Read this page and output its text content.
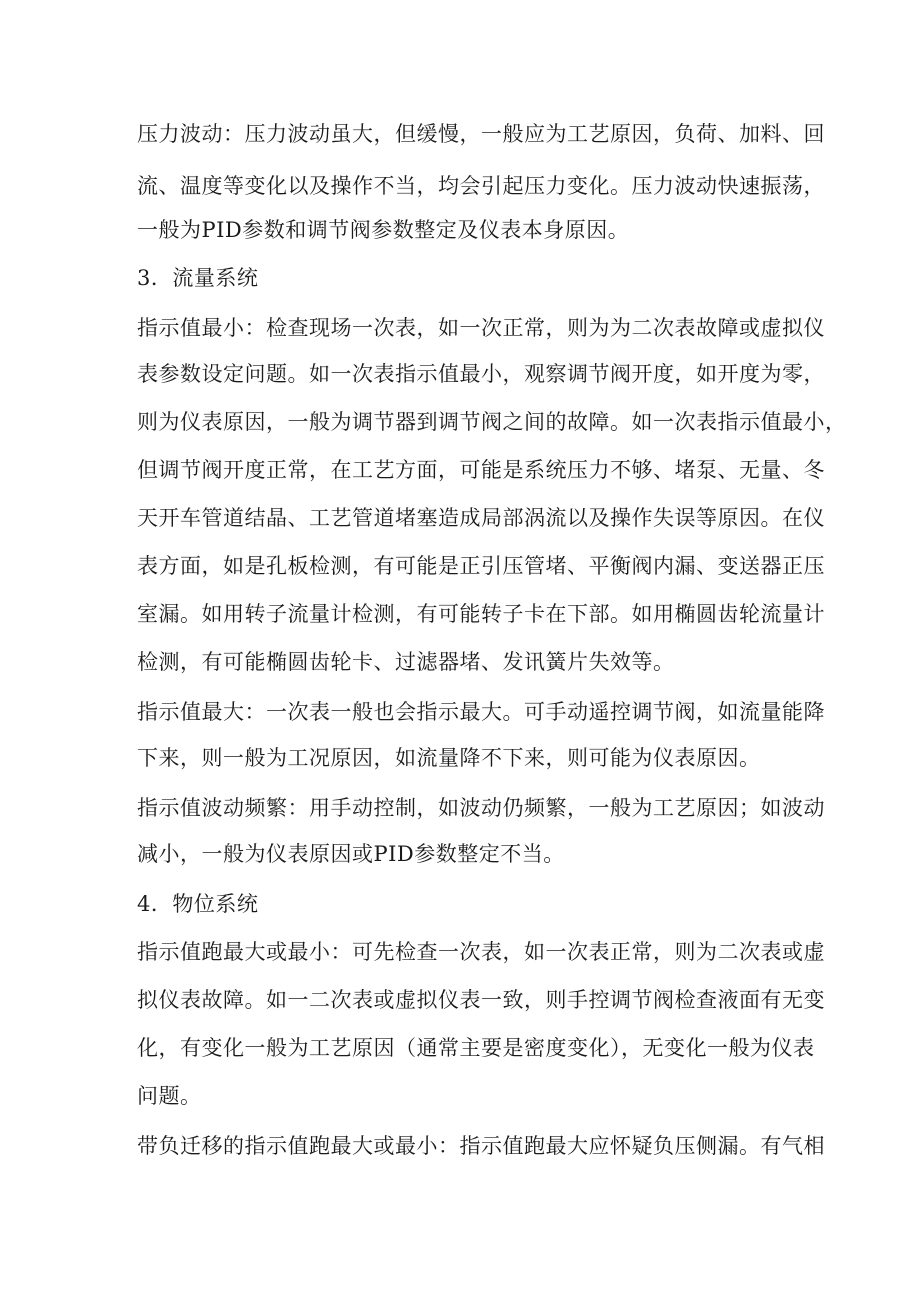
压力波动：压力波动虽大，但缓慢，一般应为工艺原因，负荷、加料、回
流、温度等变化以及操作不当，均会引起压力变化。压力波动快速振荡，
一般为PID参数和调节阀参数整定及仪表本身原因。
3．流量系统
指示值最小：检查现场一次表，如一次正常，则为为二次表故障或虚拟仪
表参数设定问题。如一次表指示值最小，观察调节阀开度，如开度为零，
则为仪表原因，一般为调节器到调节阀之间的故障。如一次表指示值最小，
但调节阀开度正常，在工艺方面，可能是系统压力不够、堵泵、无量、冬
天开车管道结晶、工艺管道堵塞造成局部涡流以及操作失误等原因。在仪
表方面，如是孔板检测，有可能是正引压管堵、平衡阀内漏、变送器正压
室漏。如用转子流量计检测，有可能转子卡在下部。如用椭圆齿轮流量计
检测，有可能椭圆齿轮卡、过滤器堵、发讯簧片失效等。
指示值最大：一次表一般也会指示最大。可手动遥控调节阀，如流量能降
下来，则一般为工况原因，如流量降不下来，则可能为仪表原因。
指示值波动频繁：用手动控制，如波动仍频繁，一般为工艺原因；如波动
减小，一般为仪表原因或PID参数整定不当。
4．物位系统
指示值跑最大或最小：可先检查一次表，如一次表正常，则为二次表或虚
拟仪表故障。如一二次表或虚拟仪表一致，则手控调节阀检查液面有无变
化，有变化一般为工艺原因（通常主要是密度变化），无变化一般为仪表
问题。
带负迁移的指示值跑最大或最小：指示值跑最大应怀疑负压侧漏。有气相
